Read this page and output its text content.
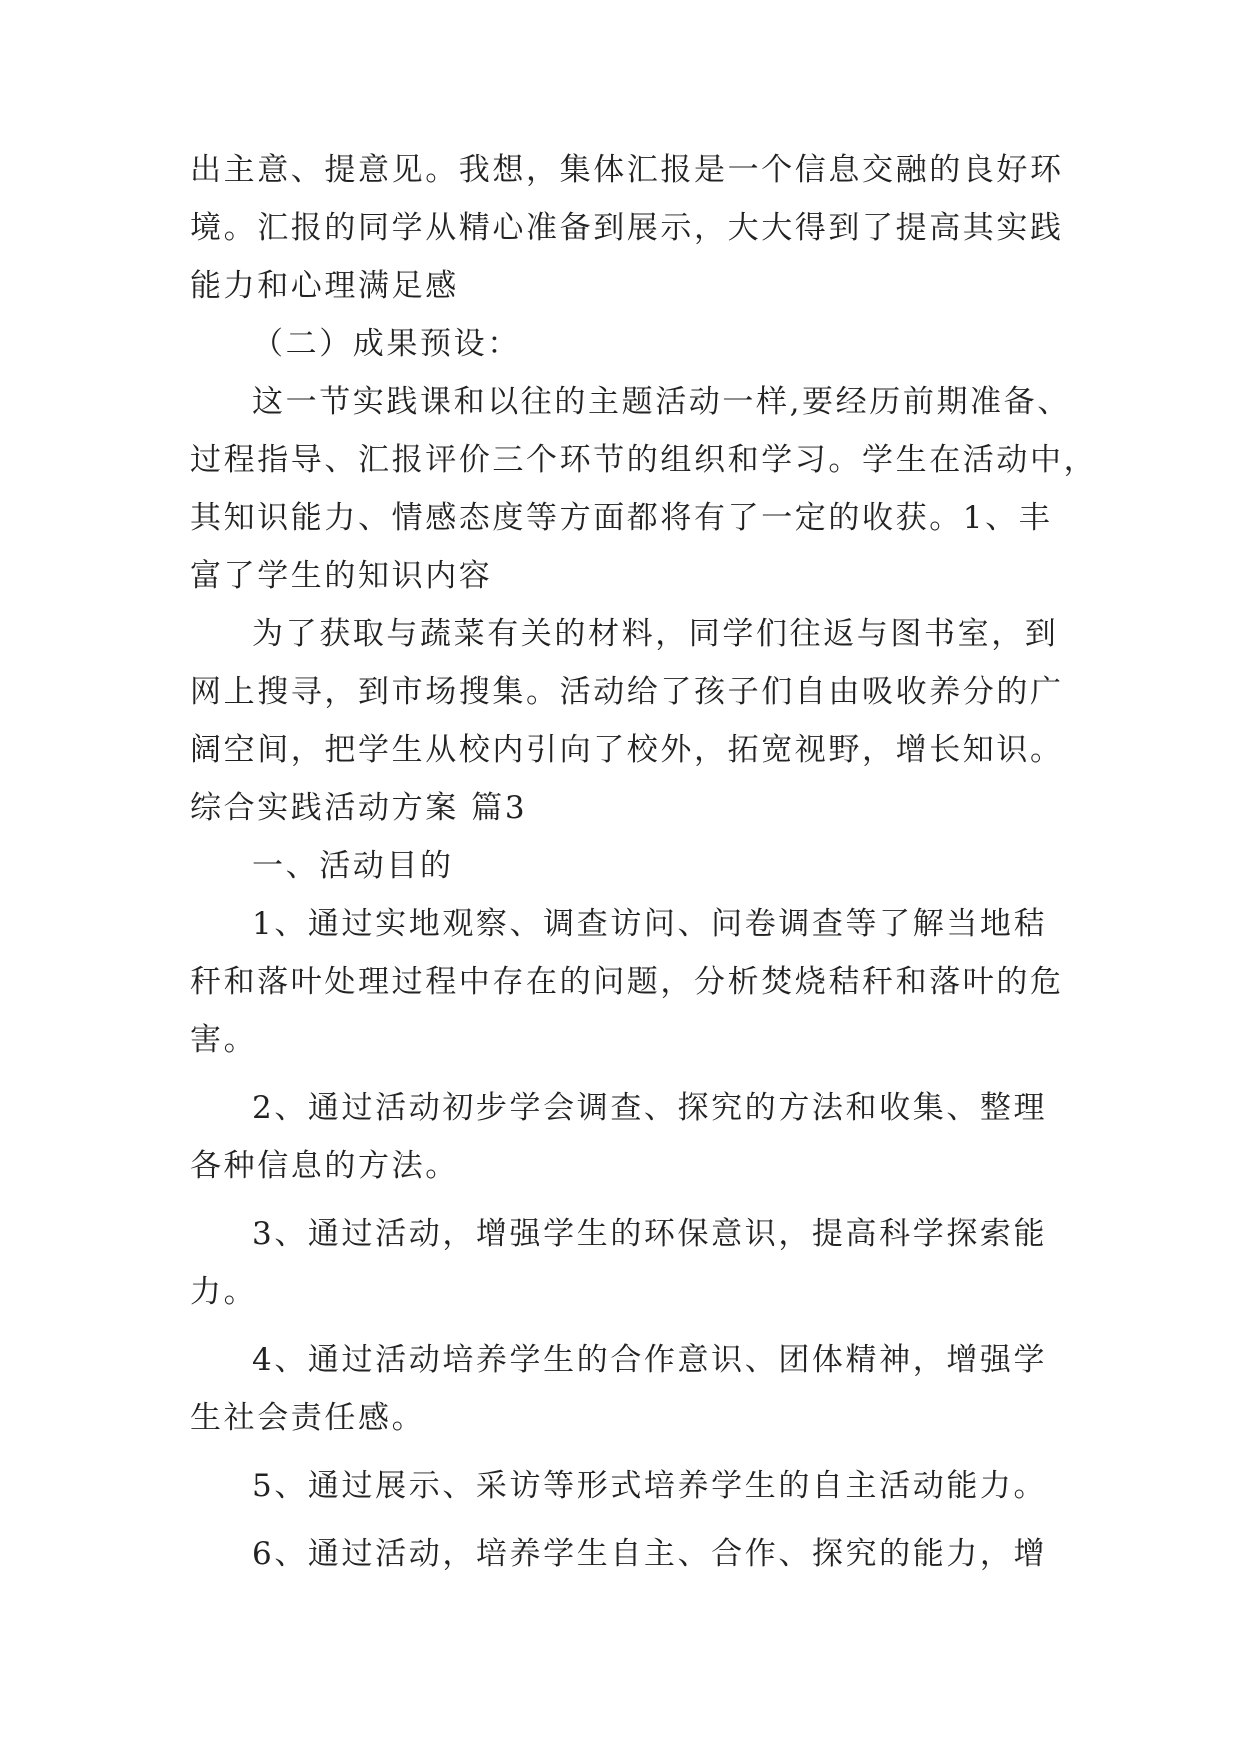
出主意、提意见。我想，集体汇报是一个信息交融的良好环

境。汇报的同学从精心准备到展示，大大得到了提高其实践

能力和心理满足感

（二）成果预设：

这一节实践课和以往的主题活动一样,要经历前期准备、

过程指导、汇报评价三个环节的组织和学习。学生在活动中，

其知识能力、情感态度等方面都将有了一定的收获。1、丰

富了学生的知识内容

为了获取与蔬菜有关的材料，同学们往返与图书室，到

网上搜寻，到市场搜集。活动给了孩子们自由吸收养分的广

阔空间，把学生从校内引向了校外，拓宽视野，增长知识。

综合实践活动方案 篇3

一、活动目的

1、通过实地观察、调查访问、问卷调查等了解当地秸

秆和落叶处理过程中存在的问题，分析焚烧秸秆和落叶的危

害。

2、通过活动初步学会调查、探究的方法和收集、整理

各种信息的方法。

3、通过活动，增强学生的环保意识，提高科学探索能

力。

4、通过活动培养学生的合作意识、团体精神，增强学

生社会责任感。

5、通过展示、采访等形式培养学生的自主活动能力。

6、通过活动，培养学生自主、合作、探究的能力，增
